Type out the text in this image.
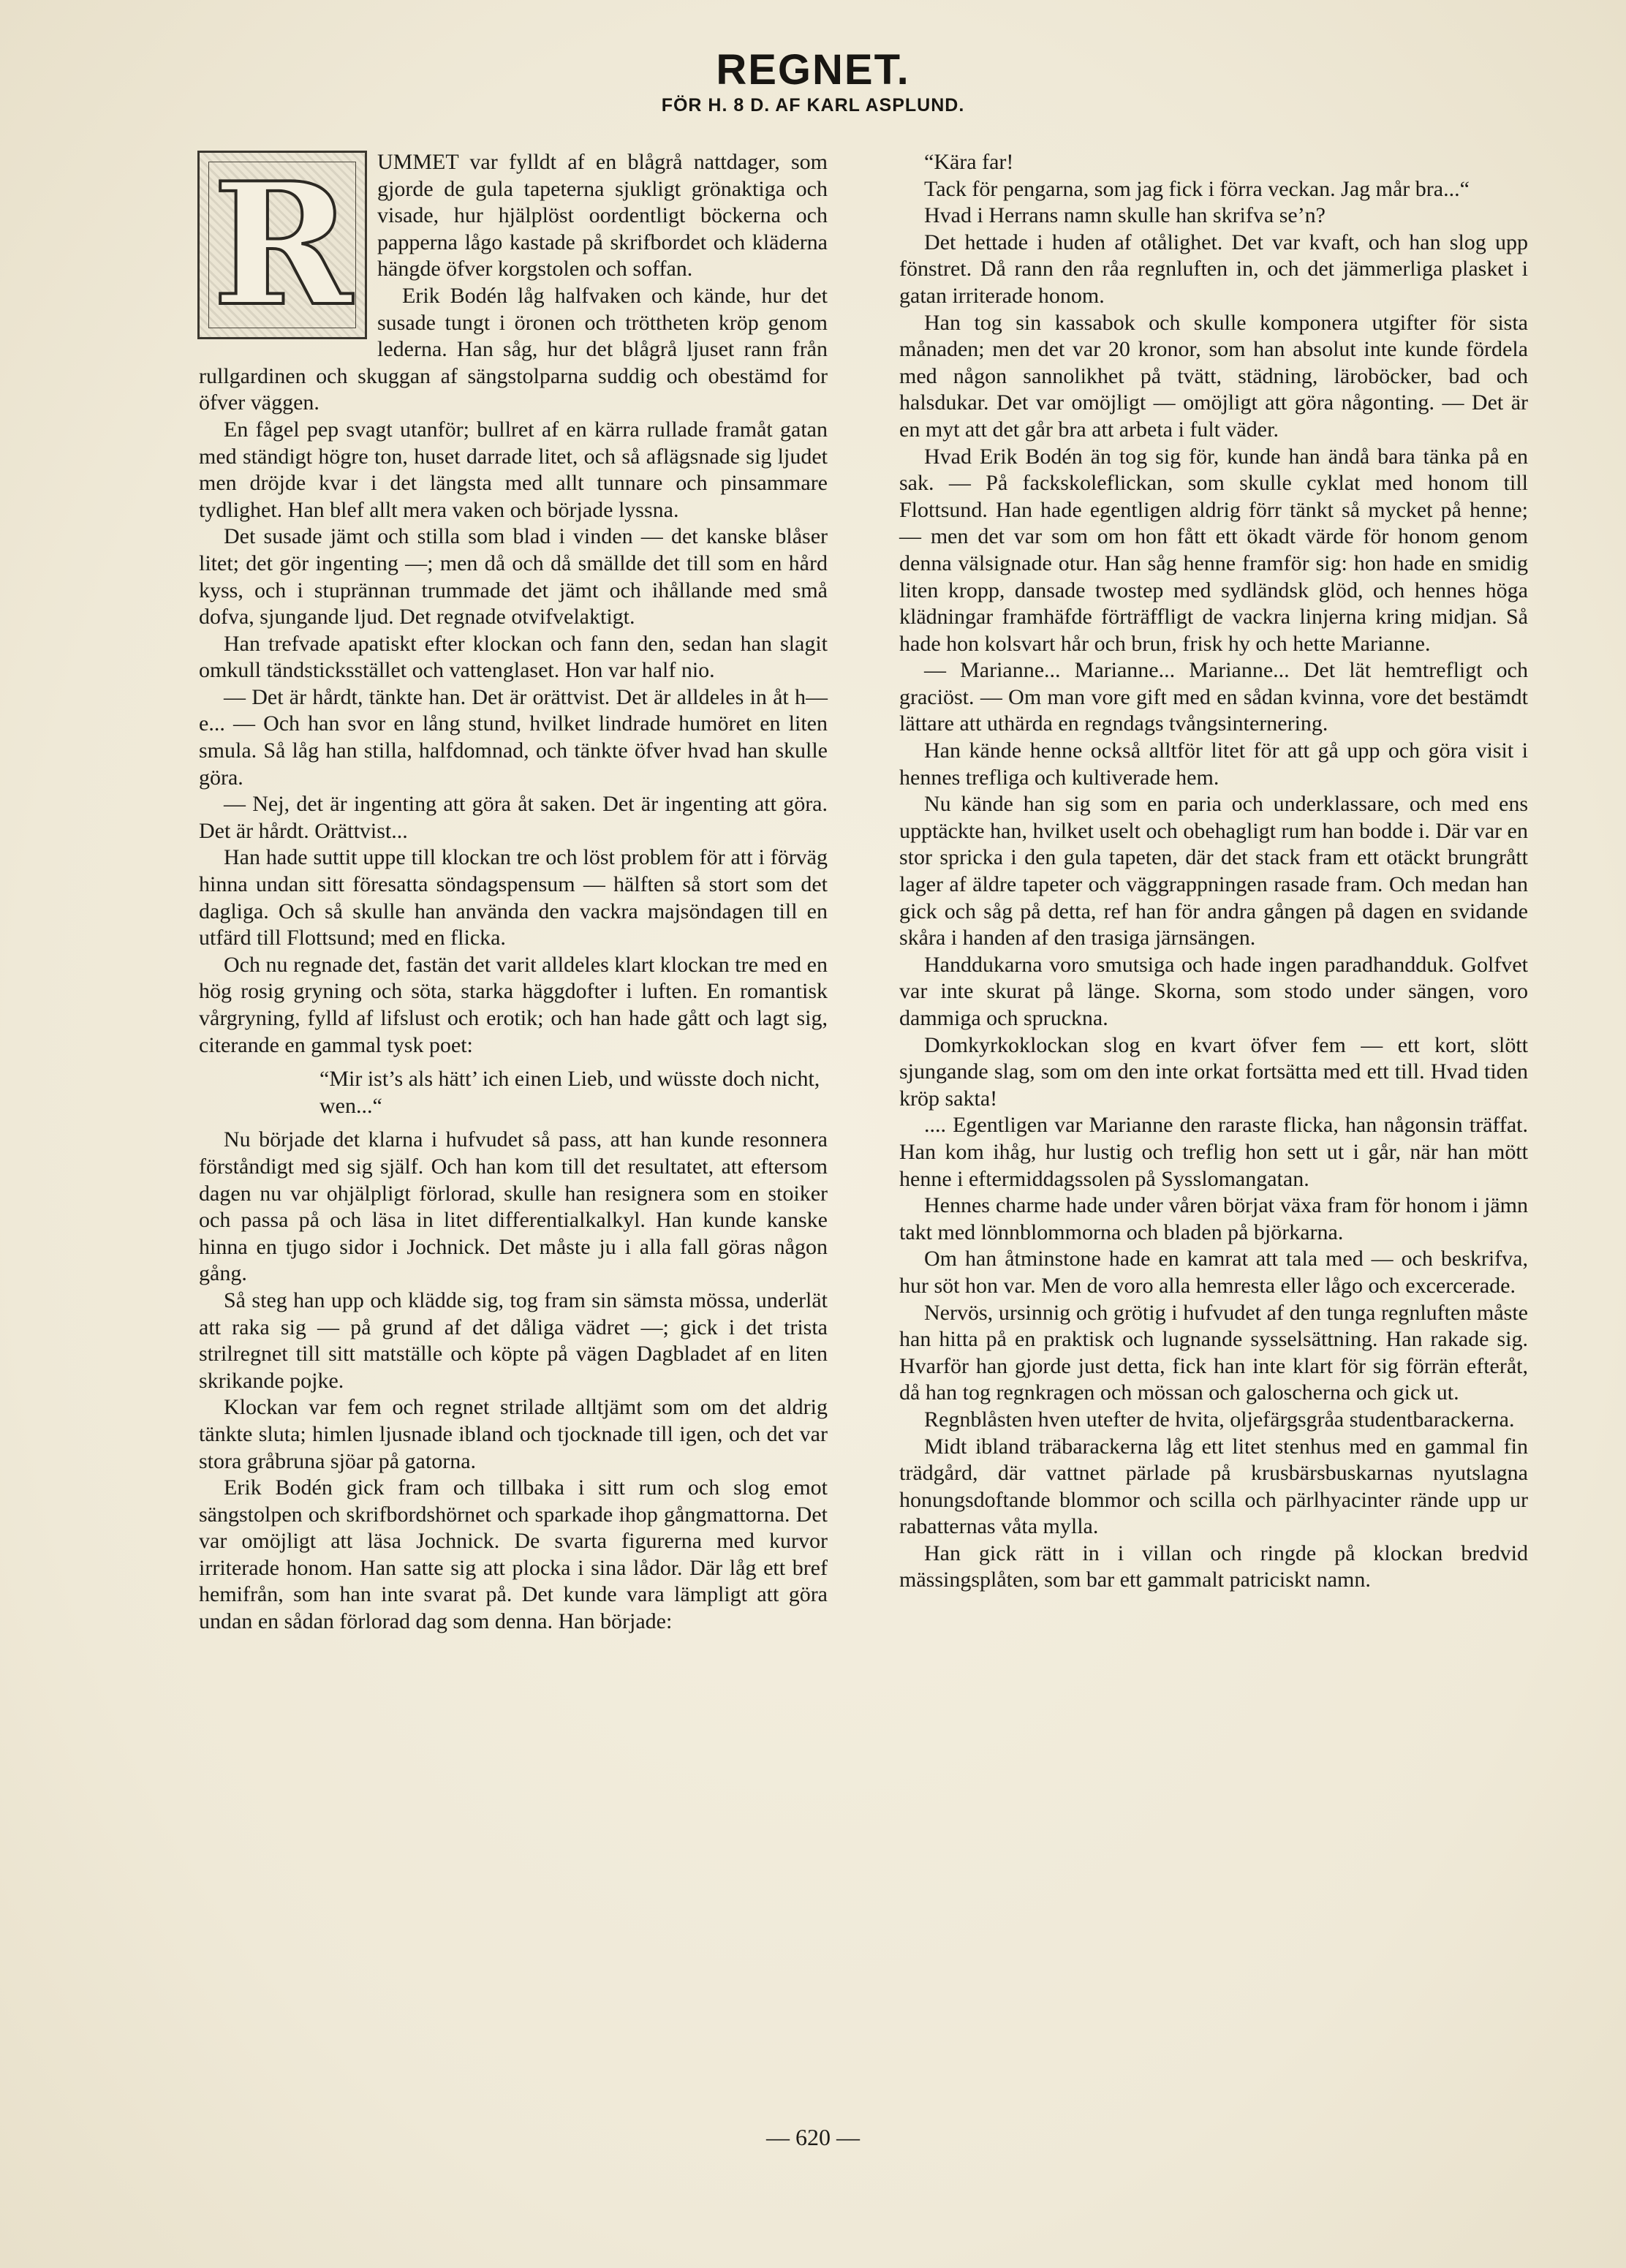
REGNET.
FÖR H. 8 D. AF KARL ASPLUND.
R	UMMET var fylldt af en blågrå nattdager, som gjorde de gula tapeterna sjukligt grönaktiga och visade, hur hjälplöst oordentligt böckerna och papperna lågo kastade på skrifbordet och kläderna hängde öfver korgstolen och soffan.

Erik Bodén låg halfvaken och kände, hur det susade tungt i öronen och tröttheten kröp genom lederna. Han såg, hur det blågrå ljuset rann från rullgardinen och skuggan af sängstolparna suddig och obestämd for öfver väggen.

En fågel pep svagt utanför; bullret af en kärra rullade framåt gatan med ständigt högre ton, huset darrade litet, och så aflägsnade sig ljudet men dröjde kvar i det längsta med allt tunnare och pinsammare tydlighet. Han blef allt mera vaken och började lyssna.

Det susade jämt och stilla som blad i vinden — det kanske blåser litet; det gör ingenting —; men då och då smällde det till som en hård kyss, och i stuprännan trummade det jämt och ihållande med små dofva, sjungande ljud. Det regnade otvifvelaktigt.

Han trefvade apatiskt efter klockan och fann den, sedan han slagit omkull tändsticksstället och vattenglaset. Hon var half nio.

— Det är hårdt, tänkte han. Det är orättvist. Det är alldeles in åt h—e... — Och han svor en lång stund, hvilket lindrade humöret en liten smula. Så låg han stilla, halfdomnad, och tänkte öfver hvad han skulle göra.

— Nej, det är ingenting att göra åt saken. Det är ingenting att göra. Det är hårdt. Orättvist...

Han hade suttit uppe till klockan tre och löst problem för att i förväg hinna undan sitt föresatta söndagspensum — hälften så stort som det dagliga. Och så skulle han använda den vackra majsöndagen till en utfärd till Flottsund; med en flicka.

Och nu regnade det, fastän det varit alldeles klart klockan tre med en hög rosig gryning och söta, starka häggdofter i luften. En romantisk vårgryning, fylld af lifslust och erotik; och han hade gått och lagt sig, citerande en gammal tysk poet:

“Mir ist’s als hätt’ ich einen Lieb, und wüsste doch nicht, wen...“

Nu började det klarna i hufvudet så pass, att han kunde resonnera förståndigt med sig själf. Och han kom till det resultatet, att eftersom dagen nu var ohjälpligt förlorad, skulle han resignera som en stoiker och passa på och läsa in litet differentialkalkyl. Han kunde kanske hinna en tjugo sidor i Jochnick. Det måste ju i alla fall göras någon gång.

Så steg han upp och klädde sig, tog fram sin sämsta mössa, underlät att raka sig — på grund af det dåliga vädret —; gick i det trista strilregnet till sitt matställe och köpte på vägen Dagbladet af en liten skrikande pojke.

Klockan var fem och regnet strilade alltjämt som om det aldrig tänkte sluta; himlen ljusnade ibland och tjocknade till igen, och det var stora gråbruna sjöar på gatorna.

Erik Bodén gick fram och tillbaka i sitt rum och slog emot sängstolpen och skrifbordshörnet och sparkade ihop gångmattorna. Det var omöjligt att läsa Jochnick. De svarta figurerna med kurvor irriterade honom. Han satte sig att plocka i sina lådor. Där låg ett bref hemifrån, som han inte svarat på. Det kunde vara lämpligt att göra undan en sådan förlorad dag som denna. Han började:

“Kära far!

Tack för pengarna, som jag fick i förra veckan. Jag mår bra...“

Hvad i Herrans namn skulle han skrifva se’n?

Det hettade i huden af otålighet. Det var kvaft, och han slog upp fönstret. Då rann den råa regnluften in, och det jämmerliga plasket i gatan irriterade honom.

Han tog sin kassabok och skulle komponera utgifter för sista månaden; men det var 20 kronor, som han absolut inte kunde fördela med någon sannolikhet på tvätt, städning, läroböcker, bad och halsdukar. Det var omöjligt — omöjligt att göra någonting. — Det är en myt att det går bra att arbeta i fult väder.

Hvad Erik Bodén än tog sig för, kunde han ändå bara tänka på en sak. — På fackskoleflickan, som skulle cyklat med honom till Flottsund. Han hade egentligen aldrig förr tänkt så mycket på henne; — men det var som om hon fått ett ökadt värde för honom genom denna välsignade otur. Han såg henne framför sig: hon hade en smidig liten kropp, dansade twostep med sydländsk glöd, och hennes höga klädningar framhäfde förträffligt de vackra linjerna kring midjan. Så hade hon kolsvart hår och brun, frisk hy och hette Marianne.

— Marianne... Marianne... Marianne... Det lät hemtrefligt och graciöst. — Om man vore gift med en sådan kvinna, vore det bestämdt lättare att uthärda en regndags tvångsinternering.

Han kände henne också alltför litet för att gå upp och göra visit i hennes trefliga och kultiverade hem.

Nu kände han sig som en paria och underklassare, och med ens upptäckte han, hvilket uselt och obehagligt rum han bodde i. Där var en stor spricka i den gula tapeten, där det stack fram ett otäckt brungrått lager af äldre tapeter och väggrappningen rasade fram. Och medan han gick och såg på detta, ref han för andra gången på dagen en svidande skåra i handen af den trasiga järnsängen.

Handdukarna voro smutsiga och hade ingen paradhandduk. Golfvet var inte skurat på länge. Skorna, som stodo under sängen, voro dammiga och spruckna.

Domkyrkoklockan slog en kvart öfver fem — ett kort, slött sjungande slag, som om den inte orkat fortsätta med ett till. Hvad tiden kröp sakta!

.... Egentligen var Marianne den raraste flicka, han någonsin träffat. Han kom ihåg, hur lustig och treflig hon sett ut i går, när han mött henne i eftermiddagssolen på Sysslomangatan.

Hennes charme hade under våren börjat växa fram för honom i jämn takt med lönnblommorna och bladen på björkarna.

Om han åtminstone hade en kamrat att tala med — och beskrifva, hur söt hon var. Men de voro alla hemresta eller lågo och excercerade.

Nervös, ursinnig och grötig i hufvudet af den tunga regnluften måste han hitta på en praktisk och lugnande sysselsättning. Han rakade sig. Hvarför han gjorde just detta, fick han inte klart för sig förrän efteråt, då han tog regnkragen och mössan och galoscherna och gick ut.

Regnblåsten hven utefter de hvita, oljefärgsgråa studentbarackerna.

Midt ibland träbarackerna låg ett litet stenhus med en gammal fin trädgård, där vattnet pärlade på krusbärsbuskarnas nyutslagna honungsdoftande blommor och scilla och pärlhyacinter rände upp ur rabatternas våta mylla.

Han gick rätt in i villan och ringde på klockan bredvid mässingsplåten, som bar ett gammalt patriciskt namn.

— 620 —
